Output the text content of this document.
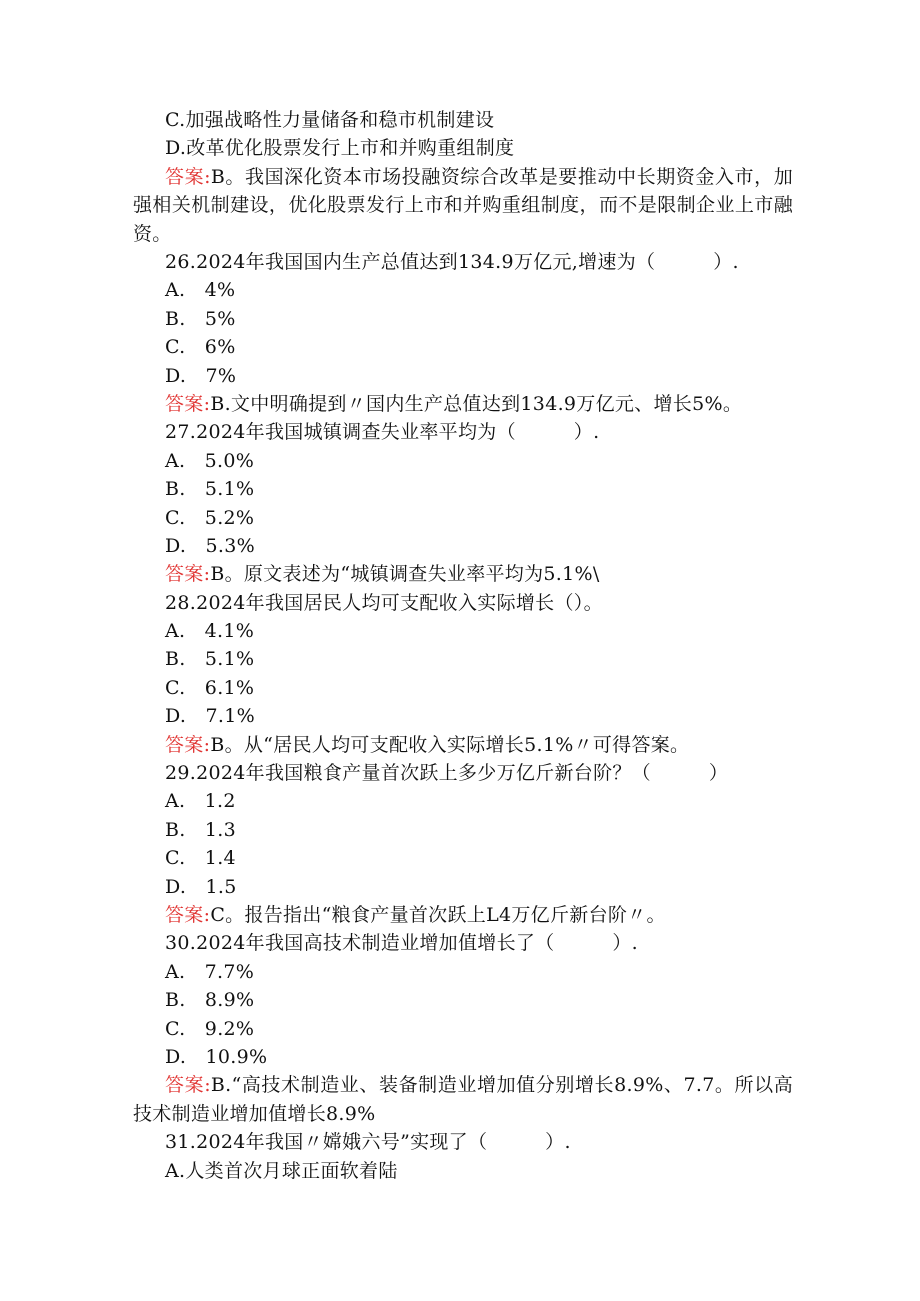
C.加强战略性力量储备和稳市机制建设
D.改革优化股票发行上市和并购重组制度
答案:B。我国深化资本市场投融资综合改革是要推动中长期资金入市，加强相关机制建设，优化股票发行上市和并购重组制度，而不是限制企业上市融资。
26.2024年我国国内生产总值达到134.9万亿元,增速为（　　　）.
A.　4%
B.　5%
C.　6%
D.　7%
答案:B.文中明确提到〃国内生产总值达到134.9万亿元、增长5%。
27.2024年我国城镇调查失业率平均为（　　　）.
A.　5.0%
B.　5.1%
C.　5.2%
D.　5.3%
答案:B。原文表述为“城镇调查失业率平均为5.1%\
28.2024年我国居民人均可支配收入实际增长（）。
A.　4.1%
B.　5.1%
C.　6.1%
D.　7.1%
答案:B。从“居民人均可支配收入实际增长5.1%〃可得答案。
29.2024年我国粮食产量首次跃上多少万亿斤新台阶？（　　　）
A.　1.2
B.　1.3
C.　1.4
D.　1.5
答案:C。报告指出“粮食产量首次跃上L4万亿斤新台阶〃。
30.2024年我国高技术制造业增加值增长了（　　　）.
A.　7.7%
B.　8.9%
C.　9.2%
D.　10.9%
答案:B.“高技术制造业、装备制造业增加值分别增长8.9%、7.7。所以高技术制造业增加值增长8.9%
31.2024年我国〃嫦娥六号”实现了（　　　）.
A.人类首次月球正面软着陆
